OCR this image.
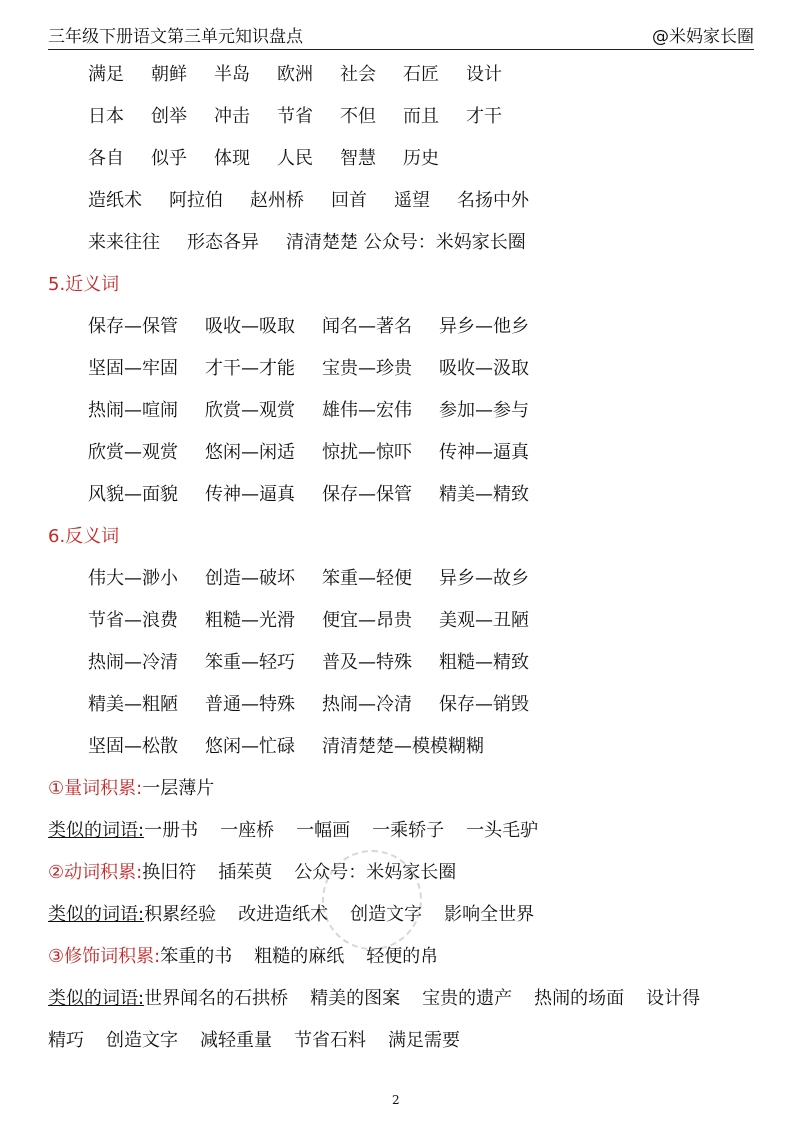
三年级下册语文第三单元知识盘点	@米妈家长圈
满足 朝鲜 半岛 欧洲 社会 石匠 设计
日本 创举 冲击 节省 不但 而且 才干
各自 似乎 体现 人民 智慧 历史
造纸术 阿拉伯 赵州桥 回首 遥望 名扬中外
来来往往 形态各异 清清楚楚 公众号：米妈家长圈
5.近义词
保存—保管 吸收—吸取 闻名—著名 异乡—他乡
坚固—牢固 才干—才能 宝贵—珍贵 吸收—汲取
热闹—喧闹 欣赏—观赏 雄伟—宏伟 参加—参与
欣赏—观赏 悠闲—闲适 惊扰—惊吓 传神—逼真
风貌—面貌 传神—逼真 保存—保管 精美—精致
6.反义词
伟大—渺小 创造—破坏 笨重—轻便 异乡—故乡
节省—浪费 粗糙—光滑 便宜—昂贵 美观—丑陋
热闹—冷清 笨重—轻巧 普及—特殊 粗糙—精致
精美—粗陋 普通—特殊 热闹—冷清 保存—销毁
坚固—松散 悠闲—忙碌 清清楚楚—模模糊糊
①量词积累:一层薄片
类似的词语:一册书 一座桥 一幅画 一乘轿子 一头毛驴
②动词积累:换旧符 插茱萸 公众号：米妈家长圈
类似的词语:积累经验 改进造纸术 创造文字 影响全世界
③修饰词积累:笨重的书 粗糙的麻纸 轻便的帛
类似的词语:世界闻名的石拱桥 精美的图案 宝贵的遗产 热闹的场面 设计得
精巧 创造文字 减轻重量 节省石料 满足需要
2
